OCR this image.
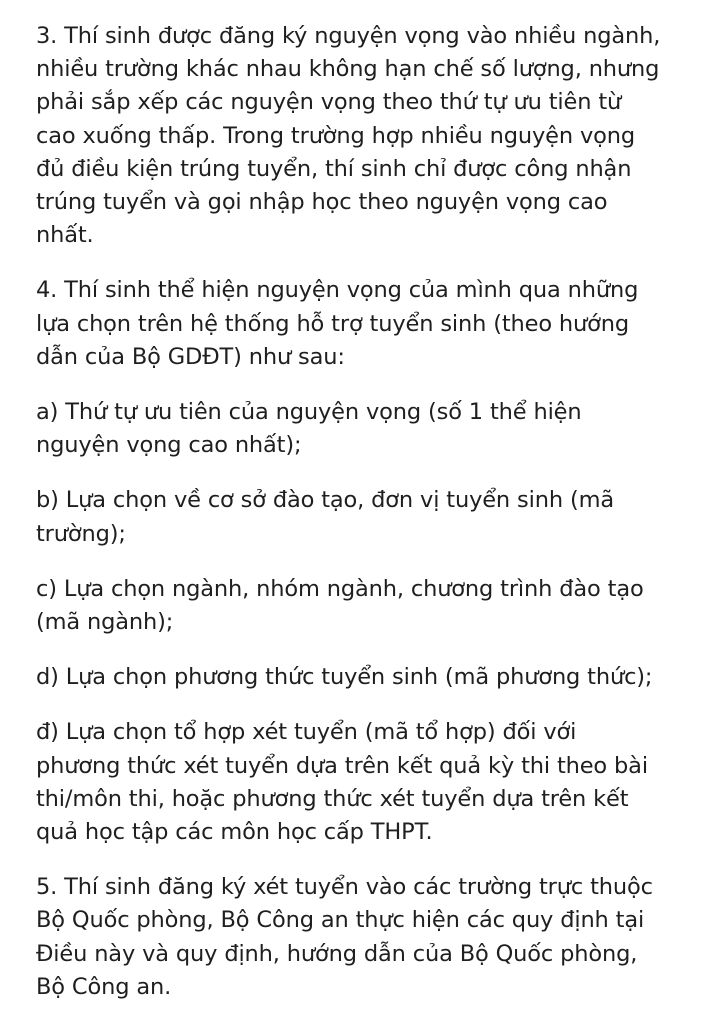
3. Thí sinh được đăng ký nguyện vọng vào nhiều ngành,
nhiều trường khác nhau không hạn chế số lượng, nhưng
phải sắp xếp các nguyện vọng theo thứ tự ưu tiên từ
cao xuống thấp. Trong trường hợp nhiều nguyện vọng
đủ điều kiện trúng tuyển, thí sinh chỉ được công nhận
trúng tuyển và gọi nhập học theo nguyện vọng cao
nhất.

4. Thí sinh thể hiện nguyện vọng của mình qua những
lựa chọn trên hệ thống hỗ trợ tuyển sinh (theo hướng
dẫn của Bộ GDĐT) như sau:

a) Thứ tự ưu tiên của nguyện vọng (số 1 thể hiện
nguyện vọng cao nhất);

b) Lựa chọn về cơ sở đào tạo, đơn vị tuyển sinh (mã
trường);

c) Lựa chọn ngành, nhóm ngành, chương trình đào tạo
(mã ngành);

d) Lựa chọn phương thức tuyển sinh (mã phương thức);

đ) Lựa chọn tổ hợp xét tuyển (mã tổ hợp) đối với
phương thức xét tuyển dựa trên kết quả kỳ thi theo bài
thi/môn thi, hoặc phương thức xét tuyển dựa trên kết
quả học tập các môn học cấp THPT.

5. Thí sinh đăng ký xét tuyển vào các trường trực thuộc
Bộ Quốc phòng, Bộ Công an thực hiện các quy định tại
Điều này và quy định, hướng dẫn của Bộ Quốc phòng,
Bộ Công an.
